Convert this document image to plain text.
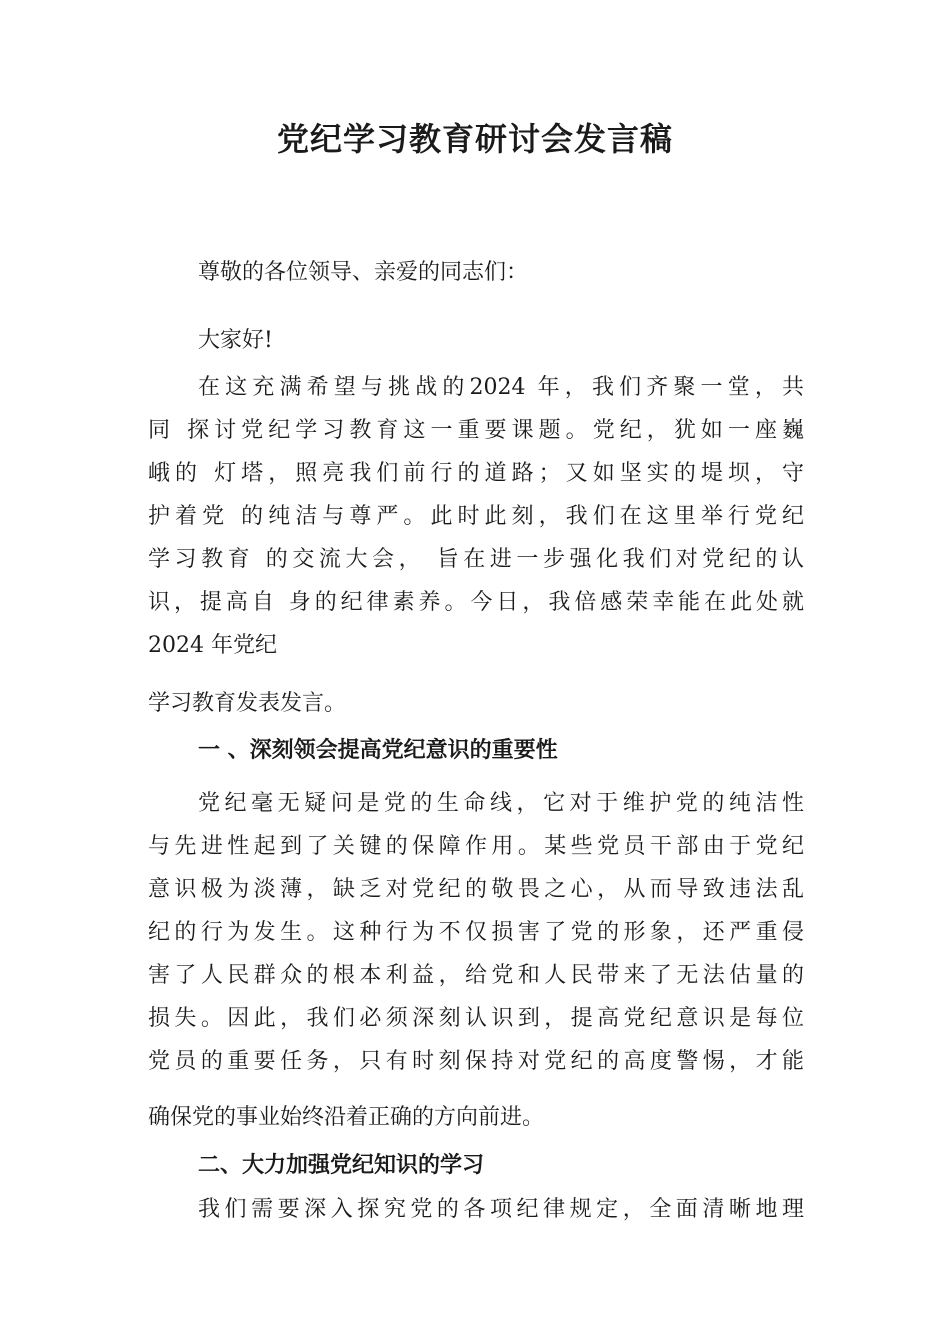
党纪学习教育研讨会发言稿

尊敬的各位领导、亲爱的同志们：

大家好!

在这充满希望与挑战的2024 年，我们齐聚一堂，共

同 探讨党纪学习教育这一重要课题。党纪，犹如一座巍

峨的 灯塔，照亮我们前行的道路；又如坚实的堤坝，守

护着党 的纯洁与尊严。此时此刻，我们在这里举行党纪

学习教育 的交流大会， 旨在进一步强化我们对党纪的认

识，提高自 身的纪律素养。今日，我倍感荣幸能在此处就

2024 年党纪

学习教育发表发言。

一 、深刻领会提高党纪意识的重要性

党纪毫无疑问是党的生命线，它对于维护党的纯洁性

与先进性起到了关键的保障作用。某些党员干部由于党纪

意识极为淡薄，缺乏对党纪的敬畏之心，从而导致违法乱

纪的行为发生。这种行为不仅损害了党的形象，还严重侵

害了人民群众的根本利益，给党和人民带来了无法估量的

损失。因此，我们必须深刻认识到，提高党纪意识是每位

党员的重要任务，只有时刻保持对党纪的高度警惕，才能

确保党的事业始终沿着正确的方向前进。

二、大力加强党纪知识的学习

我们需要深入探究党的各项纪律规定，全面清晰地理
